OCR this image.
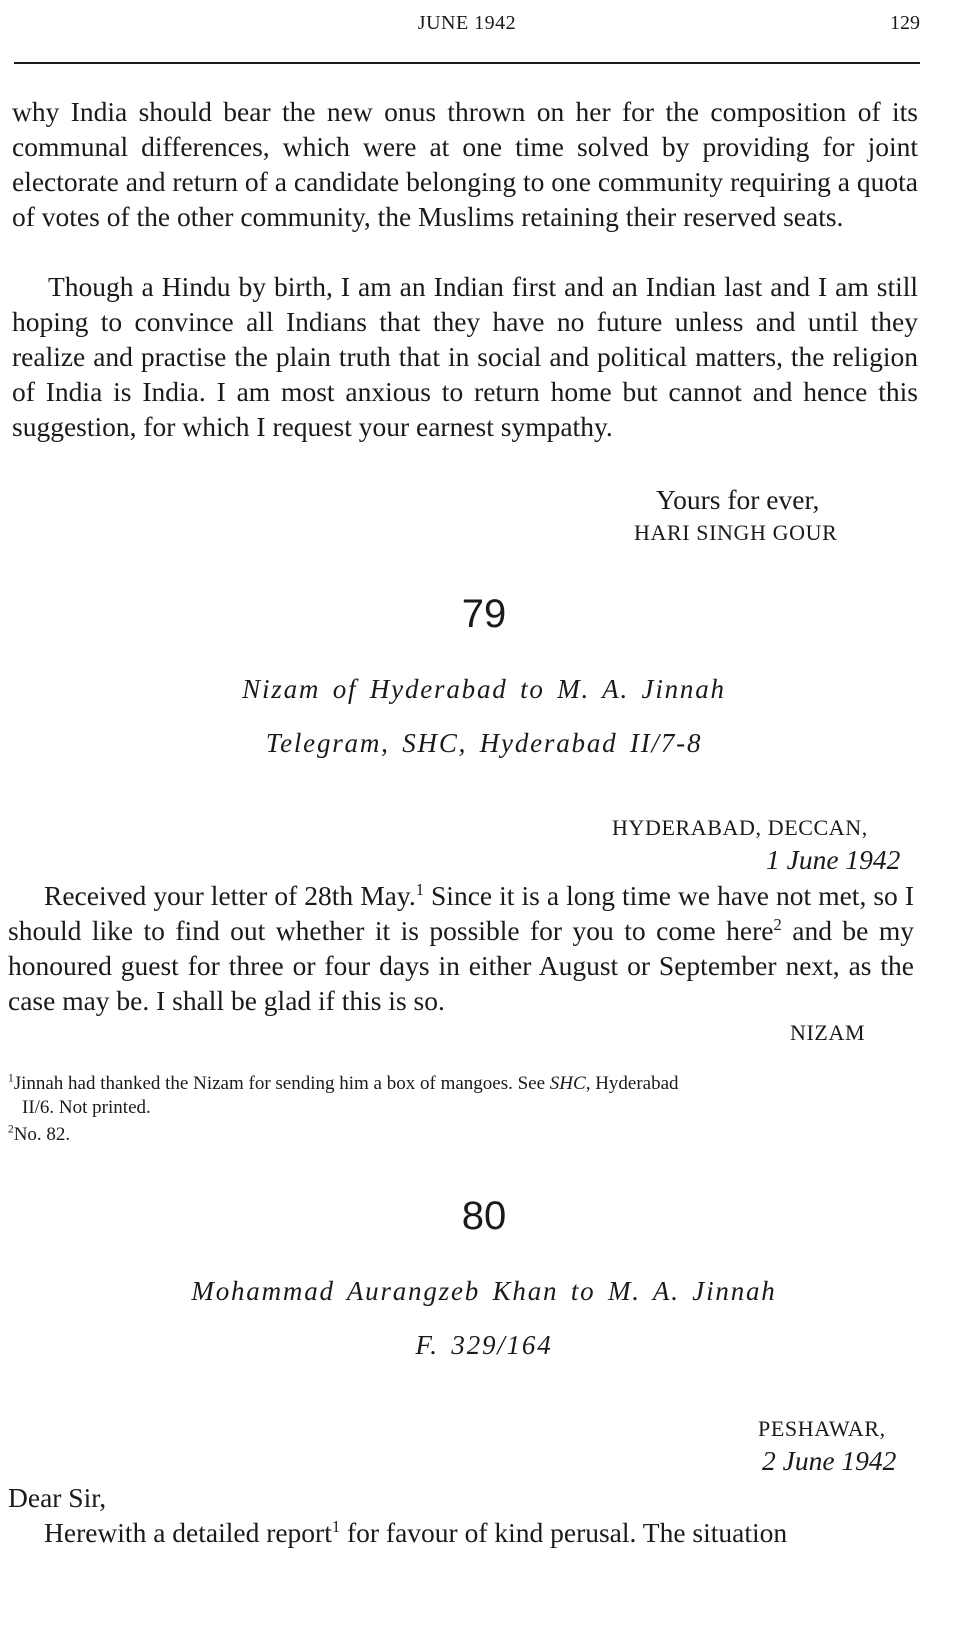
JUNE 1942	129
why India should bear the new onus thrown on her for the composition of its communal differences, which were at one time solved by providing for joint electorate and return of a candidate belonging to one community requiring a quota of votes of the other community, the Muslims retaining their reserved seats.
Though a Hindu by birth, I am an Indian first and an Indian last and I am still hoping to convince all Indians that they have no future unless and until they realize and practise the plain truth that in social and political matters, the religion of India is India. I am most anxious to return home but cannot and hence this suggestion, for which I request your earnest sympathy.
Yours for ever,
HARI SINGH GOUR
79
Nizam of Hyderabad to M. A. Jinnah
Telegram, SHC, Hyderabad II/7-8
HYDERABAD, DECCAN,
1 June 1942
Received your letter of 28th May.$^1$ Since it is a long time we have not met, so I should like to find out whether it is possible for you to come here$^2$ and be my honoured guest for three or four days in either August or September next, as the case may be. I shall be glad if this is so.
NIZAM
$^1$Jinnah had thanked the Nizam for sending him a box of mangoes. See SHC, Hyderabad
II/6. Not printed.
$^2$No. 82.
80
Mohammad Aurangzeb Khan to M. A. Jinnah
F. 329/164
PESHAWAR,
2 June 1942
Dear Sir,
Herewith a detailed report$^1$ for favour of kind perusal. The situation
